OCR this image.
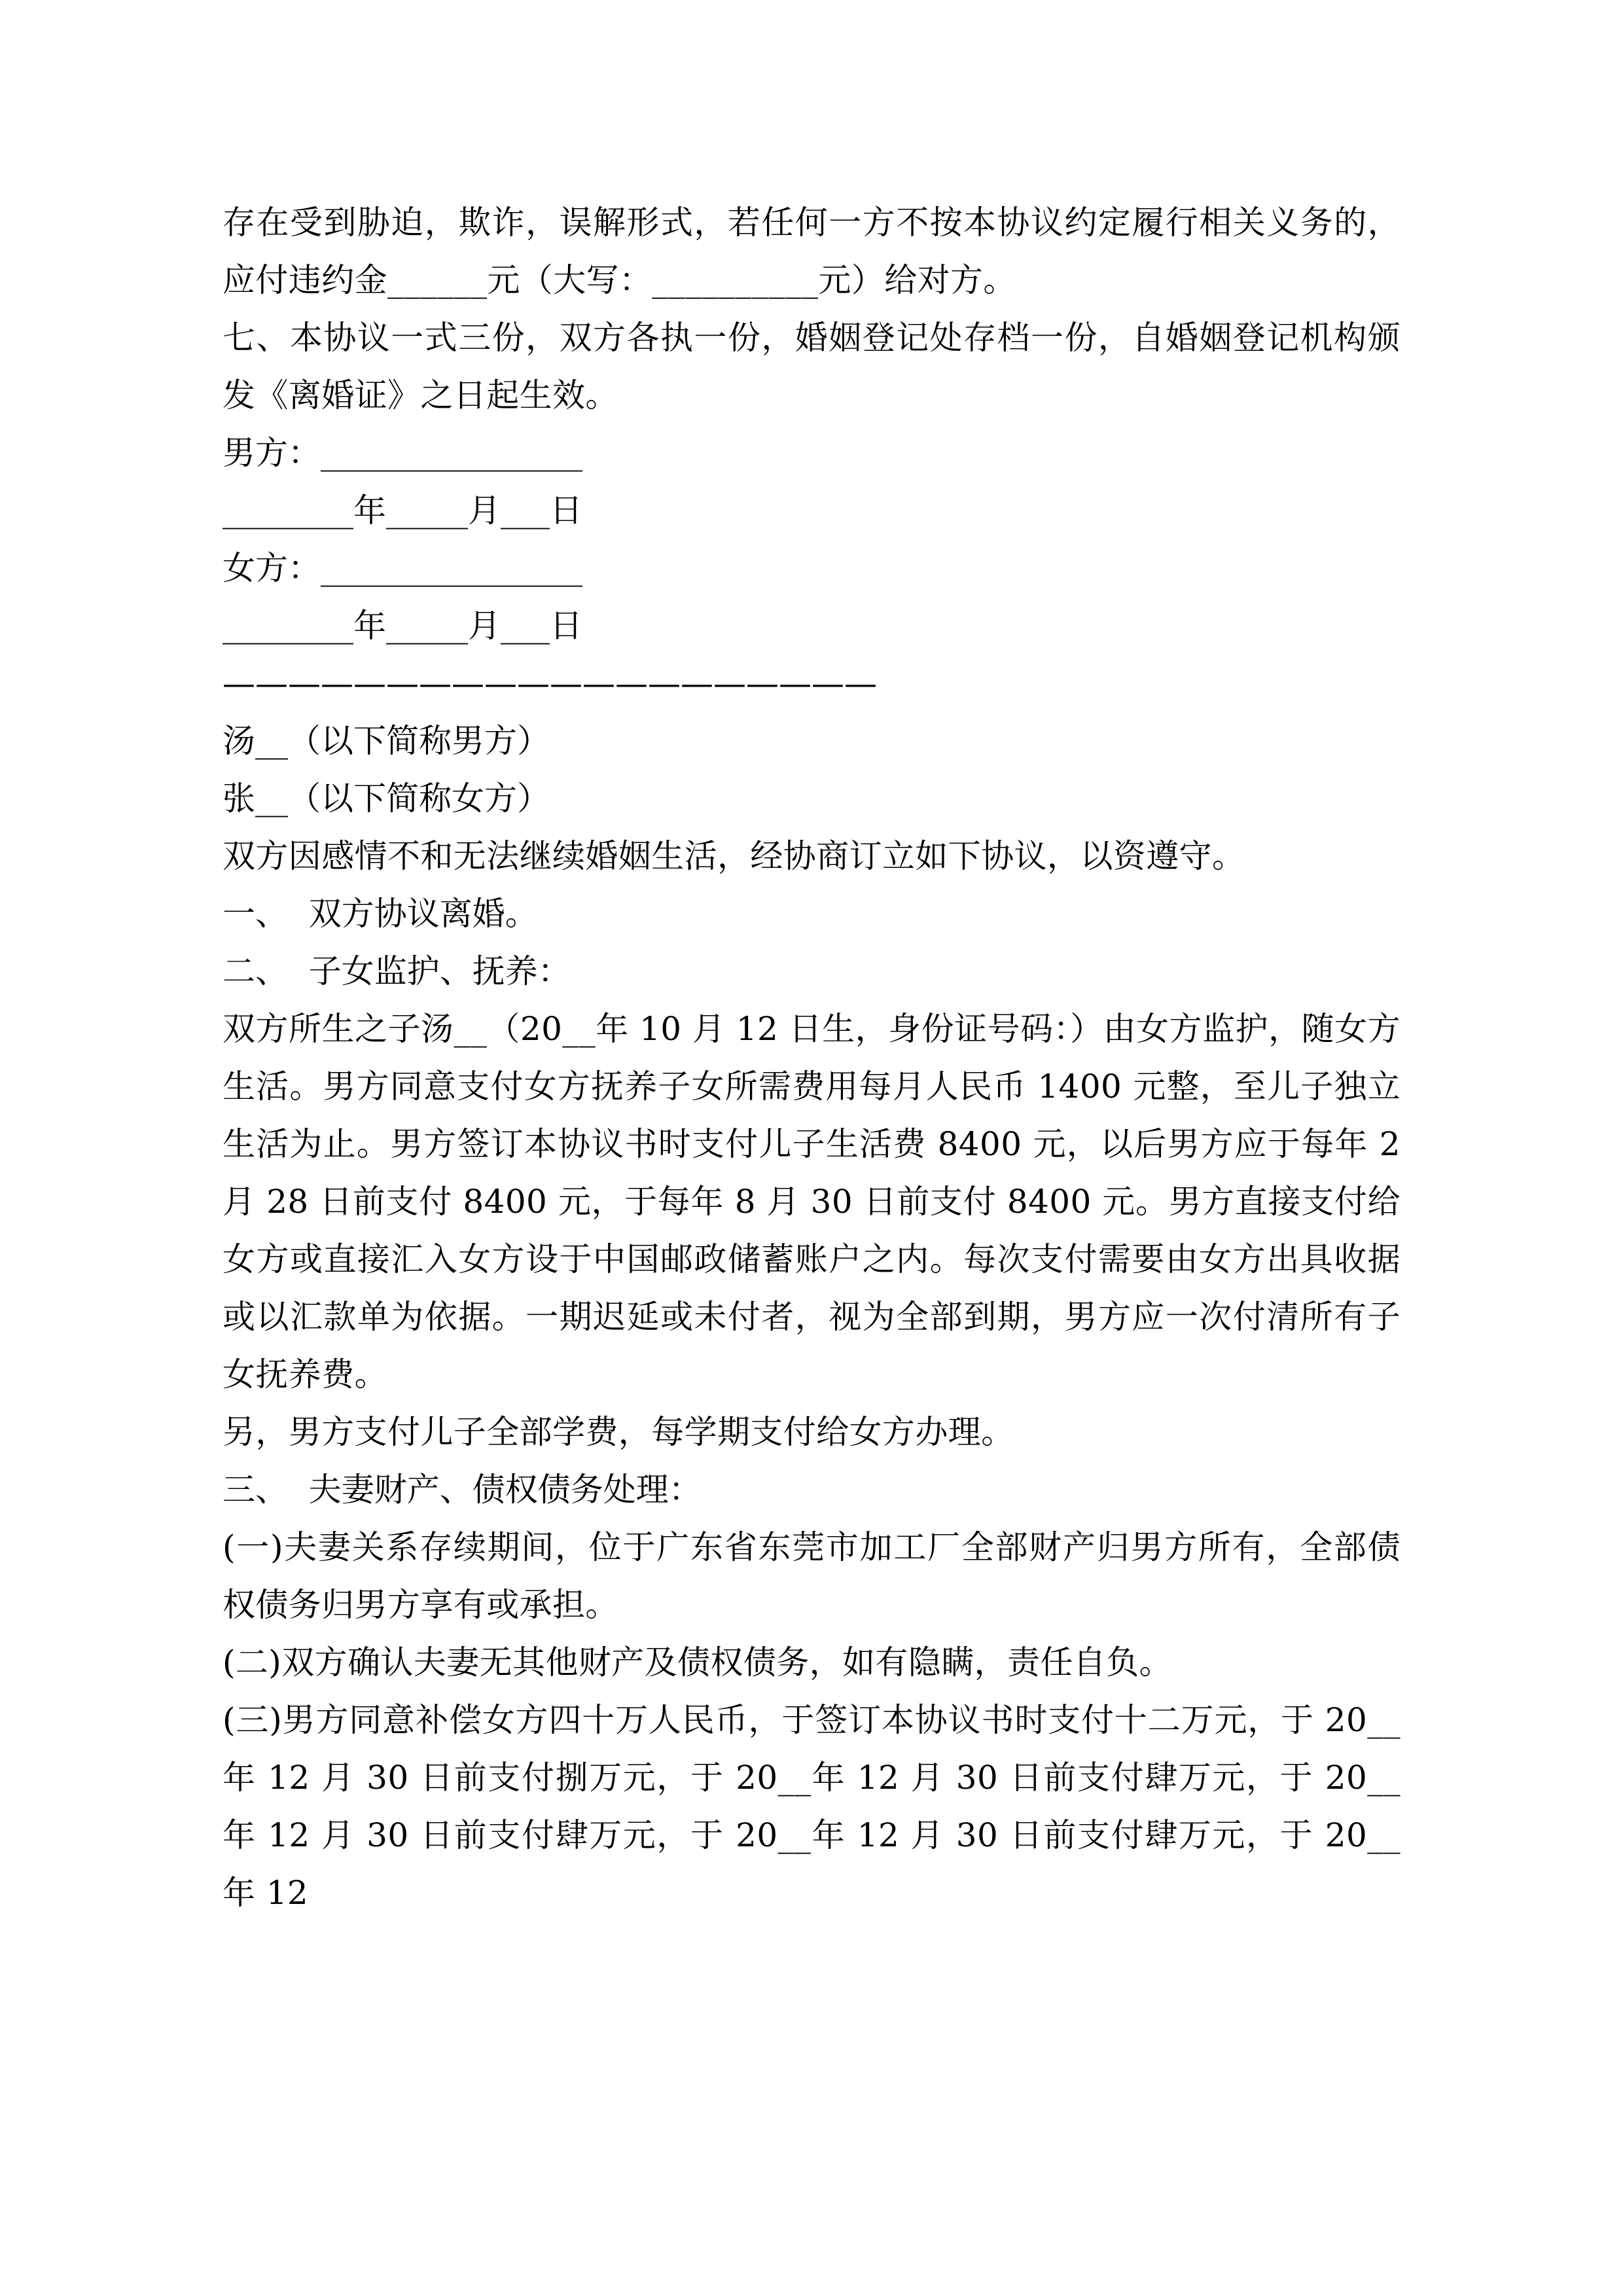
存在受到胁迫，欺诈，误解形式，若任何一方不按本协议约定履行相关义务的，应付违约金______元（大写：__________元）给对方。

七、本协议一式三份，双方各执一份，婚姻登记处存档一份，自婚姻登记机构颁发《离婚证》之日起生效。

男方：________________

________年_____月___日

女方：________________

________年_____月___日

————————————————————

汤__（以下简称男方）

张__（以下简称女方）

双方因感情不和无法继续婚姻生活，经协商订立如下协议，以资遵守。

一、  双方协议离婚。

二、  子女监护、抚养：

双方所生之子汤__（20__年 10 月 12 日生，身份证号码：）由女方监护，随女方生活。男方同意支付女方抚养子女所需费用每月人民币 1400 元整，至儿子独立生活为止。男方签订本协议书时支付儿子生活费 8400 元，以后男方应于每年 2 月 28 日前支付 8400 元，于每年 8 月 30 日前支付 8400 元。男方直接支付给女方或直接汇入女方设于中国邮政储蓄账户之内。每次支付需要由女方出具收据或以汇款单为依据。一期迟延或未付者，视为全部到期，男方应一次付清所有子女抚养费。

另，男方支付儿子全部学费，每学期支付给女方办理。

三、  夫妻财产、债权债务处理：

(一)夫妻关系存续期间，位于广东省东莞市加工厂全部财产归男方所有，全部债权债务归男方享有或承担。

(二)双方确认夫妻无其他财产及债权债务，如有隐瞒，责任自负。

(三)男方同意补偿女方四十万人民币，于签订本协议书时支付十二万元，于 20__年 12 月 30 日前支付捌万元，于 20__年 12 月 30 日前支付肆万元，于 20__年 12 月 30 日前支付肆万元，于 20__年 12 月 30 日前支付肆万元，于 20__年 12
